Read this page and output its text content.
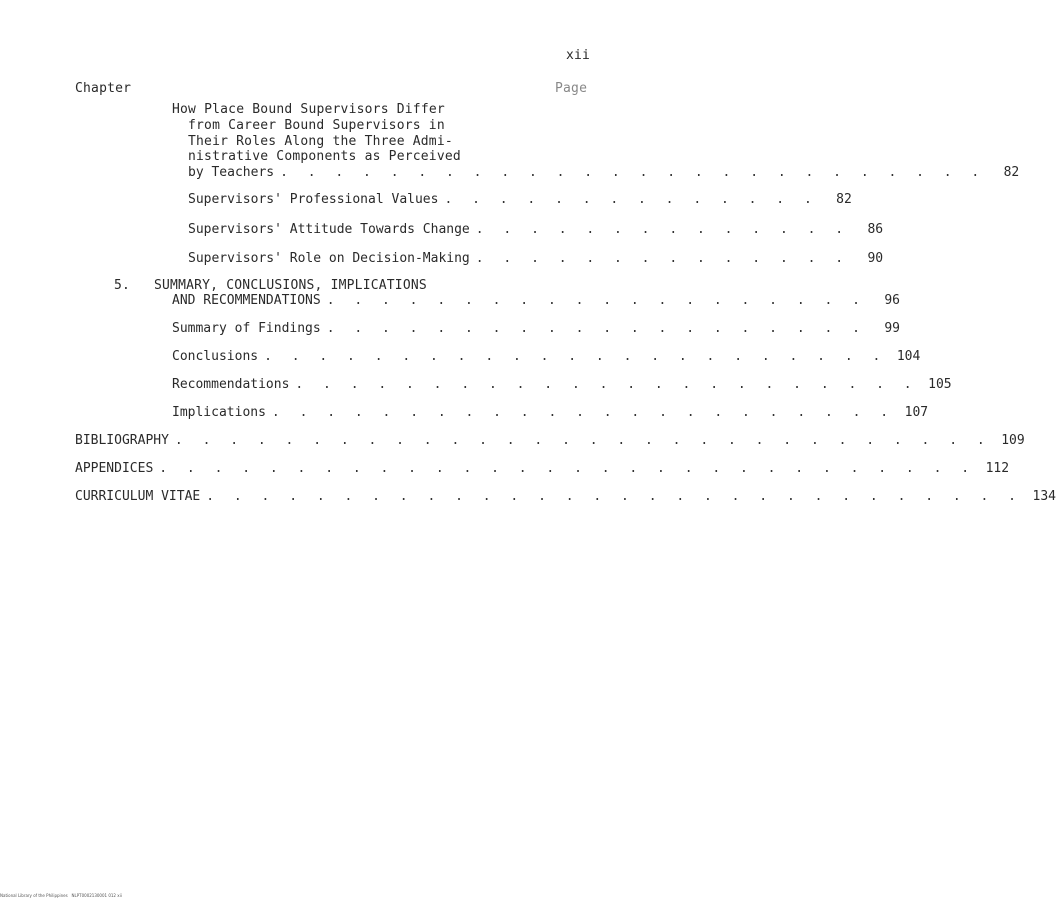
xii
Chapter	Page
How Place Bound Supervisors Differ
from Career Bound Supervisors in
Their Roles Along the Three Admi-
nistrative Components as Perceived
by Teachers . . . . . . . . . . . . . . . . . . . . . . . . . .	82
Supervisors' Professional Values . . . . . . . . . . . . . .	82
Supervisors' Attitude Towards Change . . . . . . . . . . . . . .	86
Supervisors' Role on Decision-Making . . . . . . . . . . . . . .	90
5. SUMMARY, CONCLUSIONS, IMPLICATIONS
AND RECOMMENDATIONS . . . . . . . . . . . . . . . . . . . .	96
Summary of Findings . . . . . . . . . . . . . . . . . . . .	99
Conclusions . . . . . . . . . . . . . . . . . . . . . . . 104
Recommendations . . . . . . . . . . . . . . . . . . . . . . . 105
Implications . . . . . . . . . . . . . . . . . . . . . . . 107
BIBLIOGRAPHY . . . . . . . . . . . . . . . . . . . . . . . . . . . . . . 109
APPENDICES . . . . . . . . . . . . . . . . . . . . . . . . . . . . . . 112
CURRICULUM VITAE . . . . . . . . . . . . . . . . . . . . . . . . . . . . . . 134
National Library of the Philippines   NLPT0002130001 012 xii
